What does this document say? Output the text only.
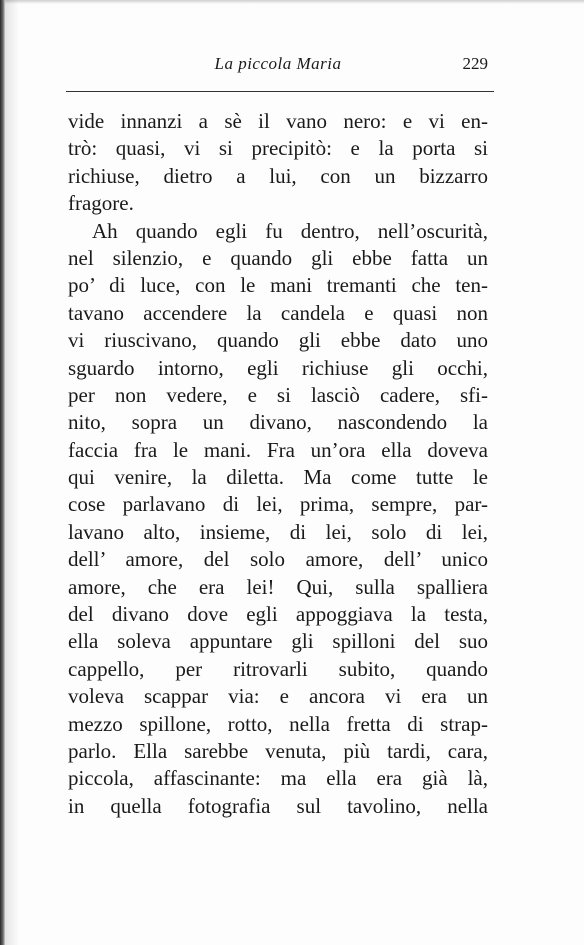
La piccola Maria	229
vide innanzi a sè il vano nero: e vi en-
trò: quasi, vi si precipitò: e la porta si
richiuse, dietro a lui, con un bizzarro
fragore.
Ah quando egli fu dentro, nell’oscurità,
nel silenzio, e quando gli ebbe fatta un
po’ di luce, con le mani tremanti che ten-
tavano accendere la candela e quasi non
vi riuscivano, quando gli ebbe dato uno
sguardo intorno, egli richiuse gli occhi,
per non vedere, e si lasciò cadere, sfi-
nito, sopra un divano, nascondendo la
faccia fra le mani. Fra un’ora ella doveva
qui venire, la diletta. Ma come tutte le
cose parlavano di lei, prima, sempre, par-
lavano alto, insieme, di lei, solo di lei,
dell’ amore, del solo amore, dell’ unico
amore, che era lei! Qui, sulla spalliera
del divano dove egli appoggiava la testa,
ella soleva appuntare gli spilloni del suo
cappello, per ritrovarli subito, quando
voleva scappar via: e ancora vi era un
mezzo spillone, rotto, nella fretta di strap-
parlo. Ella sarebbe venuta, più tardi, cara,
piccola, affascinante: ma ella era già là,
in quella fotografia sul tavolino, nella
